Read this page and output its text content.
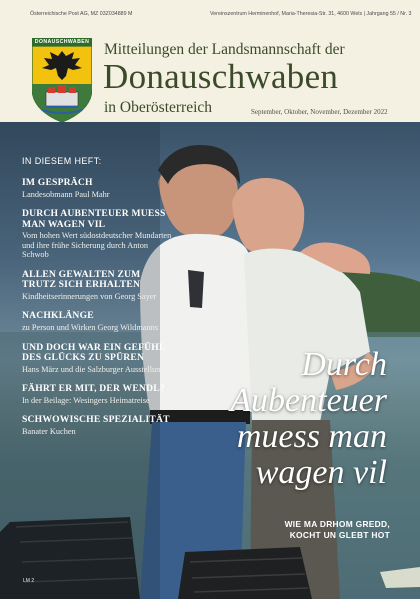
Österreichische Post AG, MZ 03Z034889 M	Vereinszentrum Herminenhof, Maria-Theresia-Str. 31, 4600 Wels | Jahrgang 55 / Nr. 3
DONAUSCHWABEN Mitteilungen der Landsmannschaft der
Donauschwaben
in Oberösterreich	September, Oktober, November, Dezember 2022
IN DIESEM HEFT:
IM GESPRÄCH
Landesobmann Paul Mahr
DURCH AUBENTEUER MUESS MAN WAGEN VIL
Vom hohen Wert südostdeutscher Mundarten und ihre frühe Sicherung durch Anton Schwob
ALLEN GEWALTEN ZUM TRUTZ SICH ERHALTEN
Kindheitserinnerungen von Georg Sayer
NACHKLÄNGE
zu Person und Wirken Georg Wildmanns
UND DOCH WAR EIN GEFÜHL DES GLÜCKS ZU SPÜREN
Hans März und die Salzburger Ausstellung
FÄHRT ER MIT, DER WENDL?
In der Beilage: Wesingers Heimatreise
SCHWOWISCHE SPEZIALITÄT
Banater Kuchen
Durch
Aubenteuer
muess man
wagen vil
WIE MA DRHOM GREDD,
KOCHT UN GLEBT HOT
LM 2
